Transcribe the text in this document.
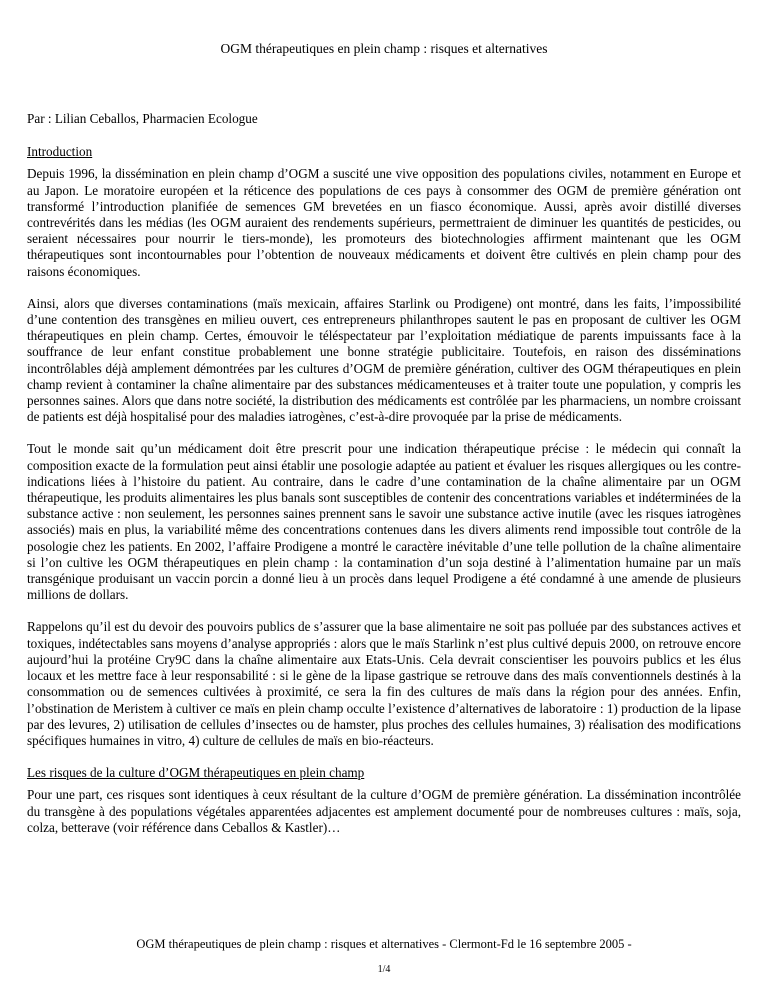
OGM thérapeutiques en plein champ : risques et alternatives

Par : Lilian Ceballos, Pharmacien Ecologue

Introduction

Depuis 1996, la dissémination en plein champ d’OGM a suscité une vive opposition des populations civiles, notamment en Europe et au Japon. Le moratoire européen et la réticence des populations de ces pays à consommer des OGM de première génération ont transformé l’introduction planifiée de semences GM brevetées en un fiasco économique. Aussi, après avoir distillé diverses contrevérités dans les médias (les OGM auraient des rendements supérieurs, permettraient de diminuer les quantités de pesticides, ou seraient nécessaires pour nourrir le tiers-monde), les promoteurs des biotechnologies affirment maintenant que les OGM thérapeutiques sont incontournables pour l’obtention de nouveaux médicaments et doivent être cultivés en plein champ pour des raisons économiques.

Ainsi, alors que diverses contaminations (maïs mexicain, affaires Starlink ou Prodigene) ont montré, dans les faits, l’impossibilité d’une contention des transgènes en milieu ouvert, ces entrepreneurs philanthropes sautent le pas en proposant de cultiver les OGM thérapeutiques en plein champ. Certes, émouvoir le téléspectateur par l’exploitation médiatique de parents impuissants face à la souffrance de leur enfant constitue probablement une bonne stratégie publicitaire. Toutefois, en raison des disséminations incontrôlables déjà amplement démontrées par les cultures d’OGM de première génération, cultiver des OGM thérapeutiques en plein champ revient à contaminer la chaîne alimentaire par des substances médicamenteuses et à traiter toute une population, y compris les personnes saines. Alors que dans notre société, la distribution des médicaments est contrôlée par les pharmaciens, un nombre croissant de patients est déjà hospitalisé pour des maladies iatrogènes, c’est-à-dire provoquée par la prise de médicaments.

Tout le monde sait qu’un médicament doit être prescrit pour une indication thérapeutique précise : le médecin qui connaît la composition exacte de la formulation peut ainsi établir une posologie adaptée au patient et évaluer les risques allergiques ou les contre-indications liées à l’histoire du patient. Au contraire, dans le cadre d’une contamination de la chaîne alimentaire par un OGM thérapeutique, les produits alimentaires les plus banals sont susceptibles de contenir des concentrations variables et indéterminées de la substance active : non seulement, les personnes saines prennent sans le savoir une substance active inutile (avec les risques iatrogènes associés) mais en plus, la variabilité même des concentrations contenues dans les divers aliments rend impossible tout contrôle de la posologie chez les patients. En 2002, l’affaire Prodigene a montré le caractère inévitable d’une telle pollution de la chaîne alimentaire si l’on cultive les OGM thérapeutiques en plein champ : la contamination d’un soja destiné à l’alimentation humaine par un maïs transgénique produisant un vaccin porcin a donné lieu à un procès dans lequel Prodigene a été condamné à une amende de plusieurs millions de dollars.

Rappelons qu’il est du devoir des pouvoirs publics de s’assurer que la base alimentaire ne soit pas polluée par des substances actives et toxiques, indétectables sans moyens d’analyse appropriés : alors que le maïs Starlink n’est plus cultivé depuis 2000, on retrouve encore aujourd’hui la protéine Cry9C dans la chaîne alimentaire aux Etats-Unis. Cela devrait conscientiser les pouvoirs publics et les élus locaux et les mettre face à leur responsabilité : si le gène de la lipase gastrique se retrouve dans des maïs conventionnels destinés à la consommation ou de semences cultivées à proximité, ce sera la fin des cultures de maïs dans la région pour des années. Enfin, l’obstination de Meristem à cultiver ce maïs en plein champ occulte l’existence d’alternatives de laboratoire : 1) production de la lipase par des levures, 2) utilisation de cellules d’insectes ou de hamster, plus proches des cellules humaines, 3) réalisation des modifications spécifiques humaines in vitro, 4) culture de cellules de maïs en bio-réacteurs.

Les risques de la culture d’OGM thérapeutiques en plein champ

Pour une part, ces risques sont identiques à ceux résultant de la culture d’OGM de première génération. La dissémination incontrôlée du transgène à des populations végétales apparentées adjacentes est amplement documenté pour de nombreuses cultures : maïs, soja, colza, betterave (voir référence dans Ceballos & Kastler)…

OGM thérapeutiques de plein champ : risques et alternatives - Clermont-Fd le 16 septembre 2005 -
1/4
